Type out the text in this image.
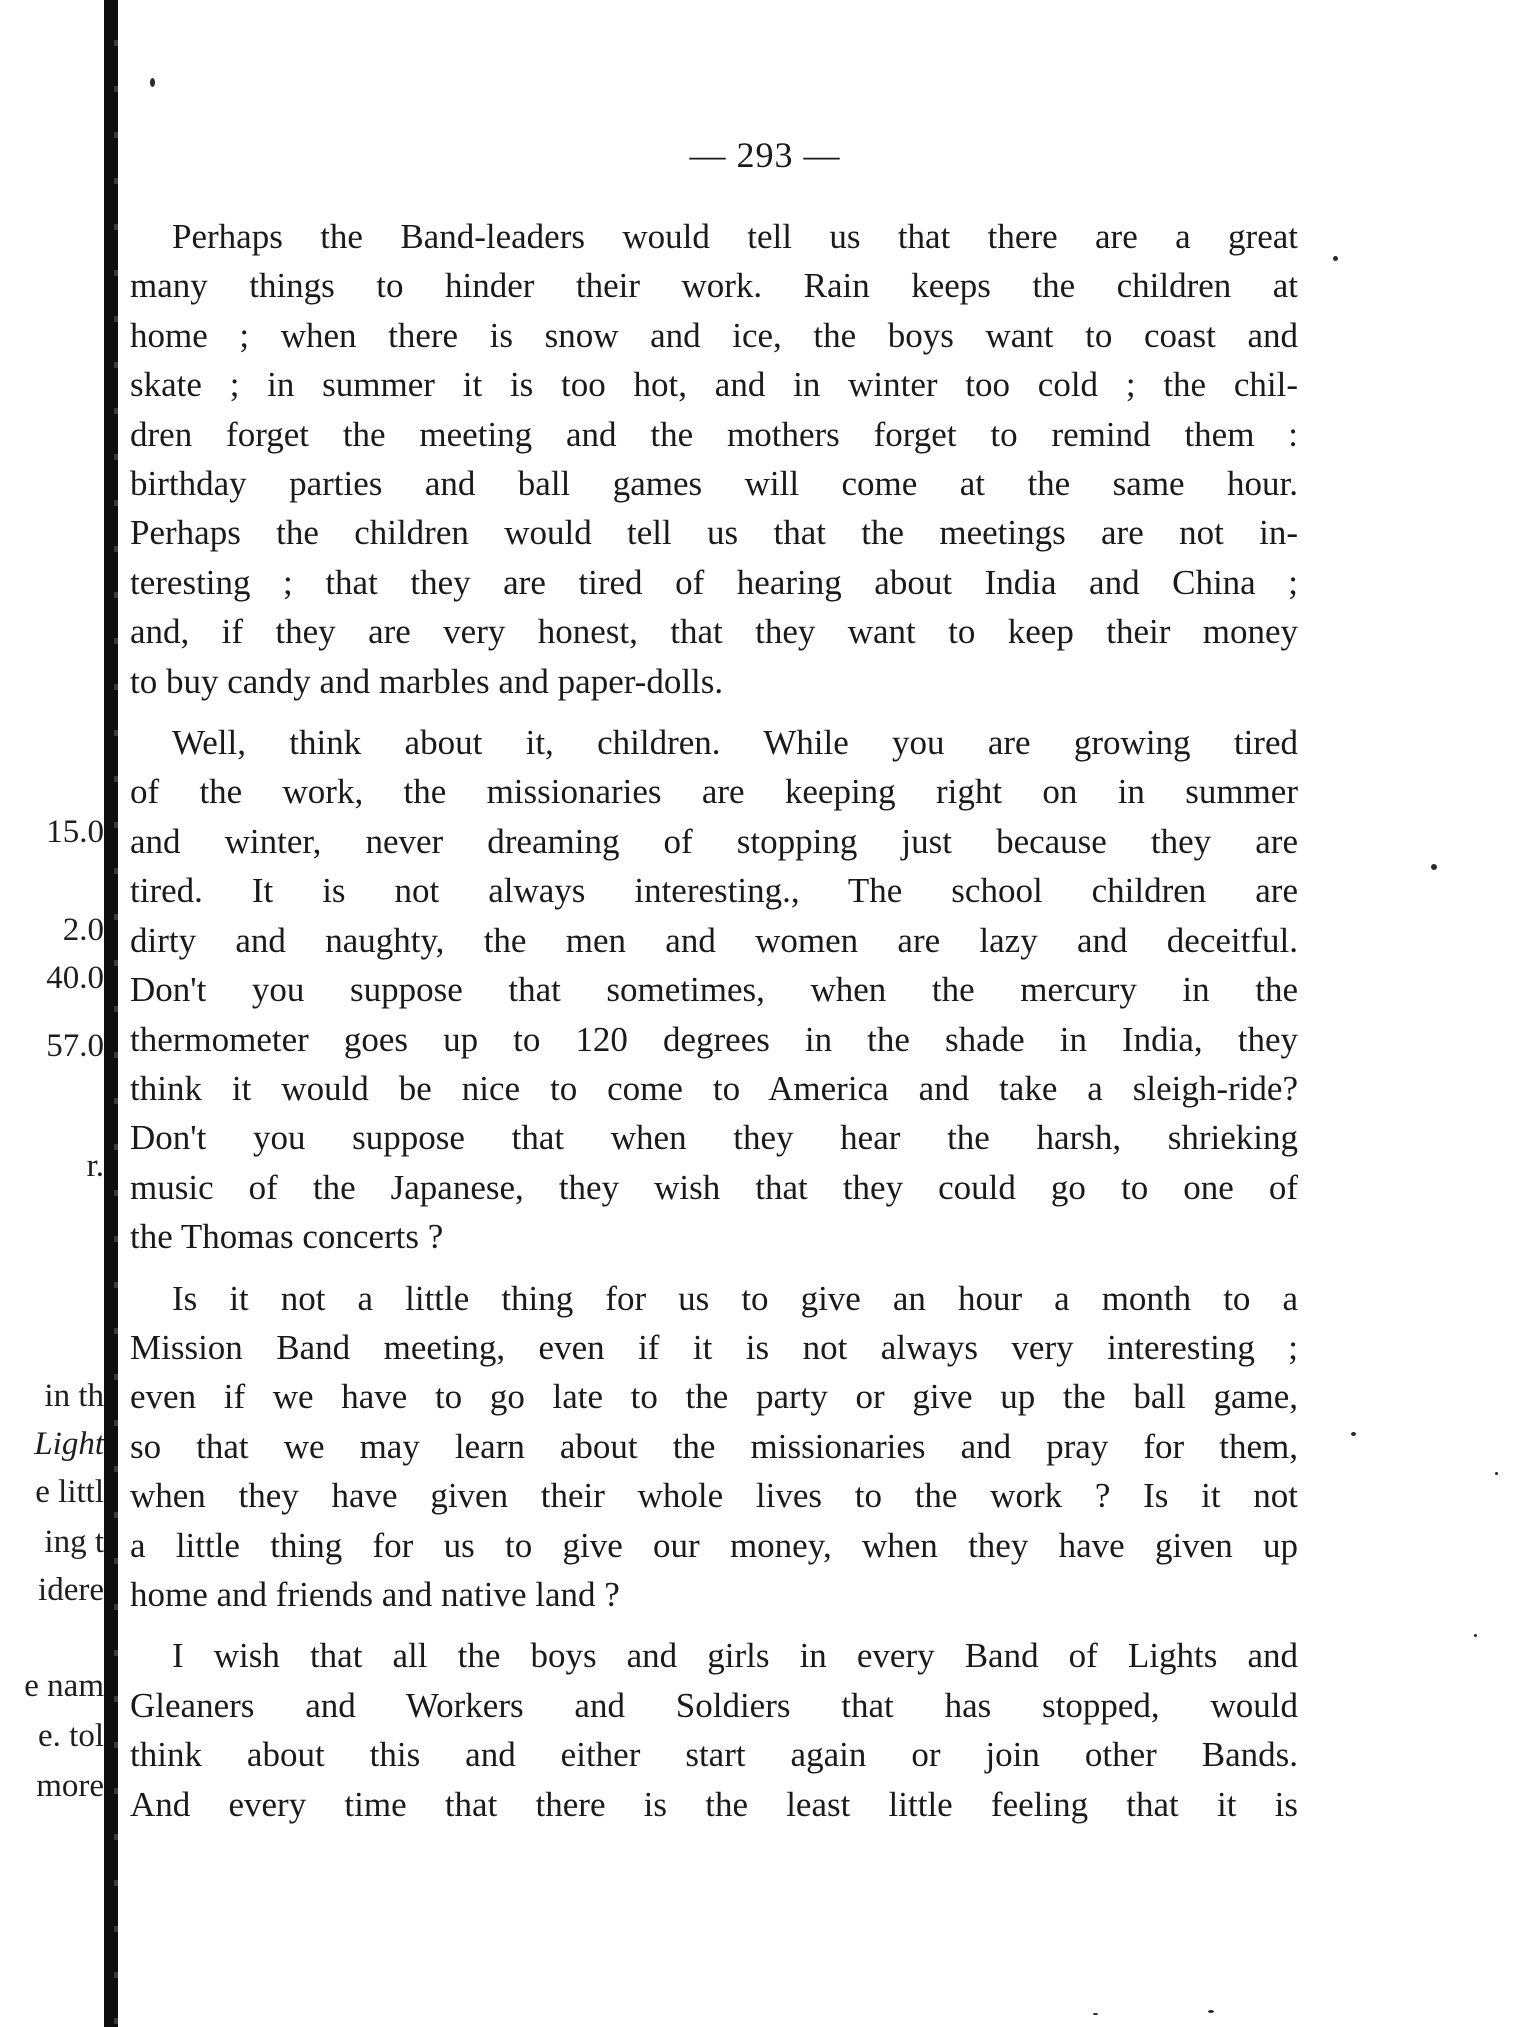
15.0
2.0
40.0
57.0
r.
in th
Light
e littl
ing t
idere
e nam
e. tol
more
— 293 —
Perhaps the Band-leaders would tell us that there are a great
many things to hinder their work. Rain keeps the children at
home ; when there is snow and ice, the boys want to coast and
skate ; in summer it is too hot, and in winter too cold ; the chil-
dren forget the meeting and the mothers forget to remind them :
birthday parties and ball games will come at the same hour.
Perhaps the children would tell us that the meetings are not in-
teresting ; that they are tired of hearing about India and China ;
and, if they are very honest, that they want to keep their money
to buy candy and marbles and paper-dolls.
Well, think about it, children. While you are growing tired
of the work, the missionaries are keeping right on in summer
and winter, never dreaming of stopping just because they are
tired. It is not always interesting., The school children are
dirty and naughty, the men and women are lazy and deceitful.
Don't you suppose that sometimes, when the mercury in the
thermometer goes up to 120 degrees in the shade in India, they
think it would be nice to come to America and take a sleigh-ride?
Don't you suppose that when they hear the harsh, shrieking
music of the Japanese, they wish that they could go to one of
the Thomas concerts ?
Is it not a little thing for us to give an hour a month to a
Mission Band meeting, even if it is not always very interesting ;
even if we have to go late to the party or give up the ball game,
so that we may learn about the missionaries and pray for them,
when they have given their whole lives to the work ? Is it not
a little thing for us to give our money, when they have given up
home and friends and native land ?
I wish that all the boys and girls in every Band of Lights and
Gleaners and Workers and Soldiers that has stopped, would
think about this and either start again or join other Bands.
And every time that there is the least little feeling that it is
